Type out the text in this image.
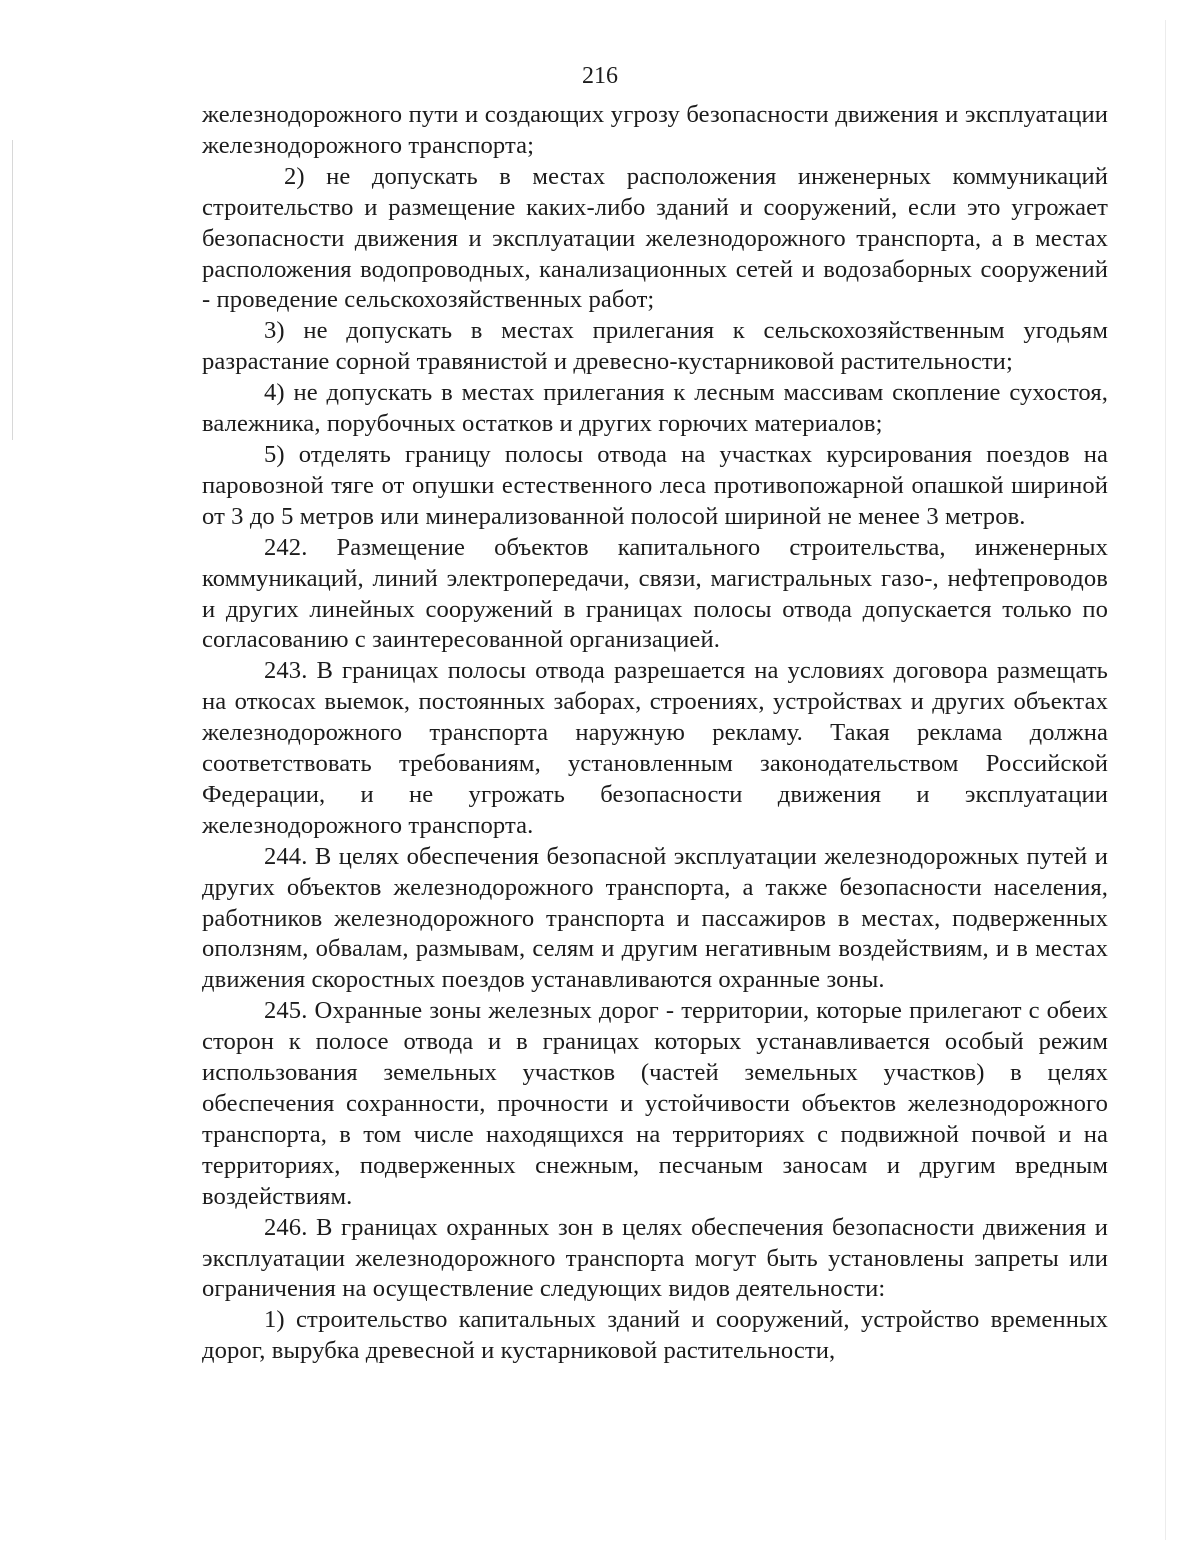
216

железнодорожного пути и создающих угрозу безопасности движения и эксплуатации железнодорожного транспорта;

2) не допускать в местах расположения инженерных коммуникаций строительство и размещение каких-либо зданий и сооружений, если это угрожает безопасности движения и эксплуатации железнодорожного транспорта, а в местах расположения водопроводных, канализационных сетей и водозаборных сооружений - проведение сельскохозяйственных работ;

3) не допускать в местах прилегания к сельскохозяйственным угодьям разрастание сорной травянистой и древесно-кустарниковой растительности;

4) не допускать в местах прилегания к лесным массивам скопление сухостоя, валежника, порубочных остатков и других горючих материалов;

5) отделять границу полосы отвода на участках курсирования поездов на паровозной тяге от опушки естественного леса противопожарной опашкой шириной от 3 до 5 метров или минерализованной полосой шириной не менее 3 метров.

242. Размещение объектов капитального строительства, инженерных коммуникаций, линий электропередачи, связи, магистральных газо-, нефтепроводов и других линейных сооружений в границах полосы отвода допускается только по согласованию с заинтересованной организацией.

243. В границах полосы отвода разрешается на условиях договора размещать на откосах выемок, постоянных заборах, строениях, устройствах и других объектах железнодорожного транспорта наружную рекламу. Такая реклама должна соответствовать требованиям, установленным законодательством Российской Федерации, и не угрожать безопасности движения и эксплуатации железнодорожного транспорта.

244. В целях обеспечения безопасной эксплуатации железнодорожных путей и других объектов железнодорожного транспорта, а также безопасности населения, работников железнодорожного транспорта и пассажиров в местах, подверженных оползням, обвалам, размывам, селям и другим негативным воздействиям, и в местах движения скоростных поездов устанавливаются охранные зоны.

245. Охранные зоны железных дорог - территории, которые прилегают с обеих сторон к полосе отвода и в границах которых устанавливается особый режим использования земельных участков (частей земельных участков) в целях обеспечения сохранности, прочности и устойчивости объектов железнодорожного транспорта, в том числе находящихся на территориях с подвижной почвой и на территориях, подверженных снежным, песчаным заносам и другим вредным воздействиям.

246. В границах охранных зон в целях обеспечения безопасности движения и эксплуатации железнодорожного транспорта могут быть установлены запреты или ограничения на осуществление следующих видов деятельности:

1) строительство капитальных зданий и сооружений, устройство временных дорог, вырубка древесной и кустарниковой растительности,
